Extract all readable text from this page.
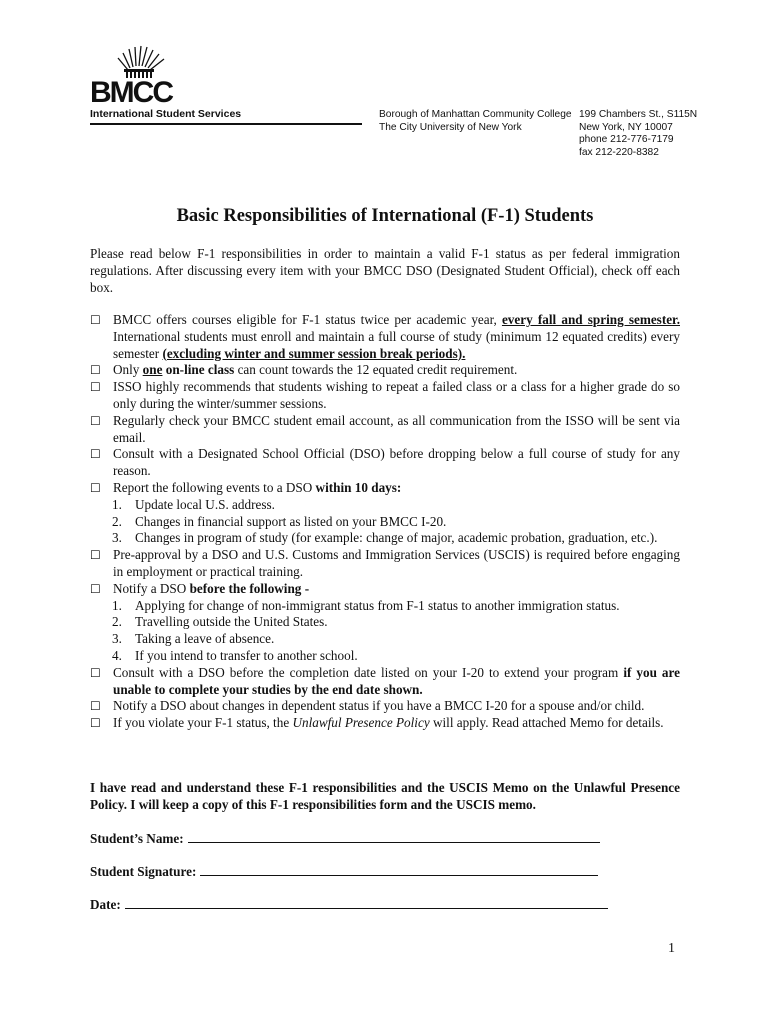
BMCC
International Student Services	Borough of Manhattan Community College
The City University of New York
199 Chambers St., S115N
New York, NY 10007
phone 212-776-7179
fax 212-220-8382
Basic Responsibilities of International (F-1) Students
Please read below F-1 responsibilities in order to maintain a valid F-1 status as per federal immigration regulations. After discussing every item with your BMCC DSO (Designated Student Official), check off each box.
☐ BMCC offers courses eligible for F-1 status twice per academic year, every fall and spring semester. International students must enroll and maintain a full course of study (minimum 12 equated credits) every semester (excluding winter and summer session break periods).
☐ Only one on-line class can count towards the 12 equated credit requirement.
☐ ISSO highly recommends that students wishing to repeat a failed class or a class for a higher grade do so only during the winter/summer sessions.
☐ Regularly check your BMCC student email account, as all communication from the ISSO will be sent via email.
☐ Consult with a Designated School Official (DSO) before dropping below a full course of study for any reason.
☐ Report the following events to a DSO within 10 days:
1. Update local U.S. address.
2. Changes in financial support as listed on your BMCC I-20.
3. Changes in program of study (for example: change of major, academic probation, graduation, etc.).
☐ Pre-approval by a DSO and U.S. Customs and Immigration Services (USCIS) is required before engaging in employment or practical training.
☐ Notify a DSO before the following -
1. Applying for change of non-immigrant status from F-1 status to another immigration status.
2. Travelling outside the United States.
3. Taking a leave of absence.
4. If you intend to transfer to another school.
☐ Consult with a DSO before the completion date listed on your I-20 to extend your program if you are unable to complete your studies by the end date shown.
☐ Notify a DSO about changes in dependent status if you have a BMCC I-20 for a spouse and/or child.
☐ If you violate your F-1 status, the Unlawful Presence Policy will apply. Read attached Memo for details.
I have read and understand these F-1 responsibilities and the USCIS Memo on the Unlawful Presence Policy. I will keep a copy of this F-1 responsibilities form and the USCIS memo.
Student’s Name:
Student Signature:
Date:
1
